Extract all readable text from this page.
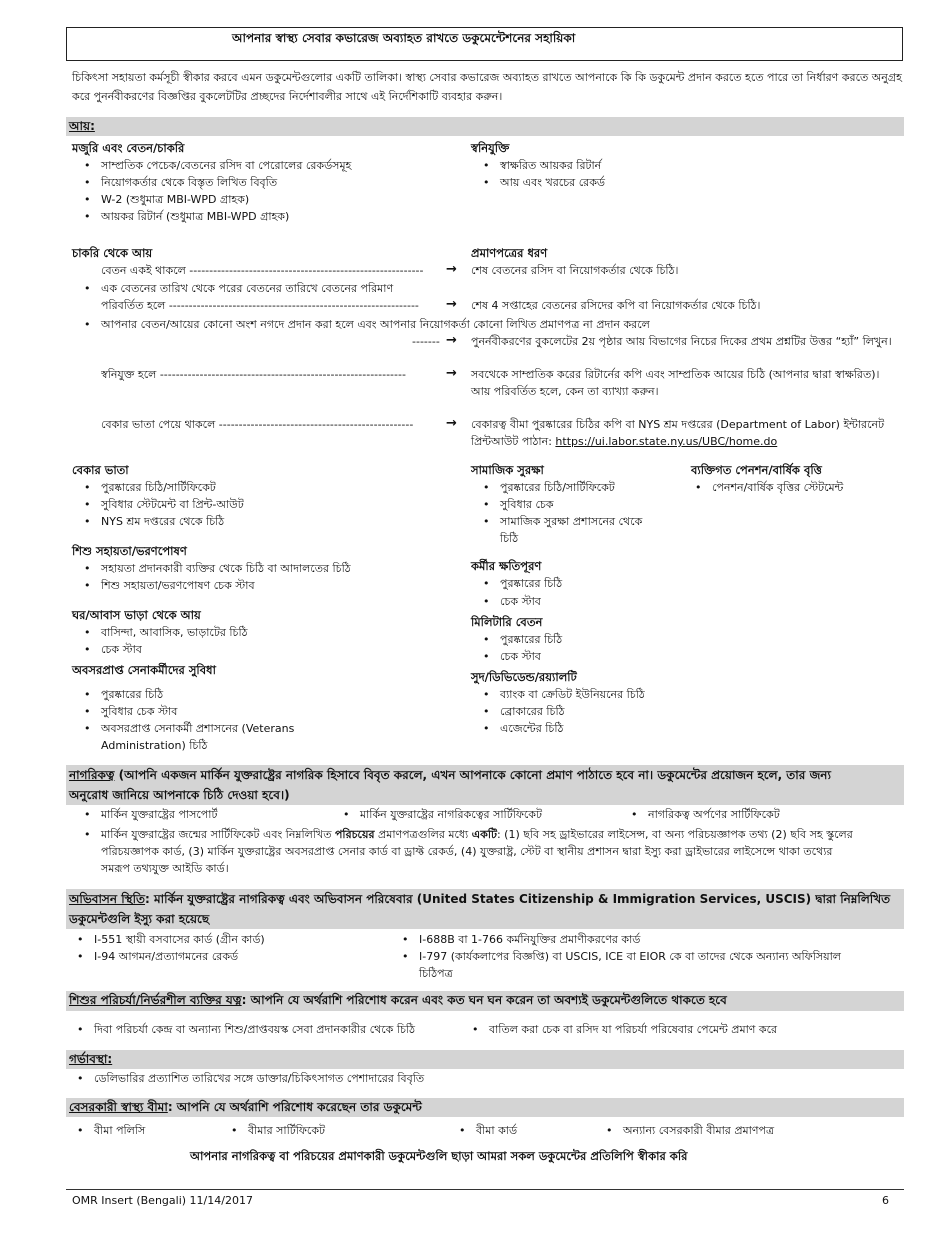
আপনার স্বাস্থ্য সেবার কভারেজ অব্যাহত রাখতে ডকুমেন্টেশনের সহায়িকা
চিকিৎসা সহায়তা কর্মসূচী স্বীকার করবে এমন ডকুমেন্টগুলোর একটি তালিকা। স্বাস্থ্য সেবার কভারেজ অব্যাহত রাখতে আপনাকে কি কি ডকুমেন্ট প্রদান করতে হতে পারে তা নির্ধারণ করতে অনুগ্রহ করে পুনর্নবীকরণের বিজ্ঞপ্তির বুকলেটটির প্রচ্ছদের নির্দেশাবলীর সাথে এই নির্দেশিকাটি ব্যবহার করুন।
আয়:
মজুরি এবং বেতন/চাকরি
• সাম্প্রতিক পেচেক/বেতনের রসিদ বা পেরোলের রেকর্ডসমূহ
• নিয়োগকর্তার থেকে বিস্তৃত লিখিত বিবৃতি
• W-2 (শুধুমাত্র MBI-WPD গ্রাহক)
• আয়কর রিটার্ন (শুধুমাত্র MBI-WPD গ্রাহক)
স্বনিযুক্তি
• স্বাক্ষরিত আয়কর রিটার্ন
• আয় এবং খরচের রেকর্ড
চাকরি থেকে আয়	প্রমাণপত্রের ধরণ
• বেতন একই থাকলে -----------------------------------------------------------	→ শেষ বেতনের রসিদ বা নিয়োগকর্তার থেকে চিঠি।
• এক বেতনের তারিখ থেকে পরের বেতনের তারিখে বেতনের পরিমাণ
পরিবর্তিত হলে ---------------------------------------------------------------	→ শেষ 4 সপ্তাহের বেতনের রসিদের কপি বা নিয়োগকর্তার থেকে চিঠি।
• আপনার বেতন/আয়ের কোনো অংশ নগদে প্রদান করা হলে এবং আপনার নিয়োগকর্তা কোনো লিখিত প্রমাণপত্র না প্রদান করলে
------- → পুনর্নবীকরণের বুকলেটের 2য় পৃষ্ঠার আয় বিভাগের নিচের দিকের প্রথম প্রশ্নটির উত্তর “হ্যাঁ” লিখুন।
• স্বনিযুক্ত হলে --------------------------------------------------------------	→ সবথেকে সাম্প্রতিক করের রিটার্নের কপি এবং সাম্প্রতিক আয়ের চিঠি (আপনার দ্বারা স্বাক্ষরিত)।
আয় পরিবর্তিত হলে, কেন তা ব্যাখ্যা করুন।
• বেকার ভাতা পেয়ে থাকলে -------------------------------------------------	→ বেকারত্ব বীমা পুরষ্কারের চিঠির কপি বা NYS শ্রম দপ্তরের (Department of Labor) ইন্টারনেট
প্রিন্টআউট পাঠান: https://ui.labor.state.ny.us/UBC/home.do
বেকার ভাতা
• পুরষ্কারের চিঠি/সার্টিফিকেট
• সুবিধার স্টেটমেন্ট বা প্রিন্ট-আউট
• NYS শ্রম দপ্তরের থেকে চিঠি
সামাজিক সুরক্ষা
• পুরষ্কারের চিঠি/সার্টিফিকেট
• সুবিধার চেক
• সামাজিক সুরক্ষা প্রশাসনের থেকে
চিঠি
ব্যক্তিগত পেনশন/বার্ষিক বৃত্তি
• পেনশন/বার্ষিক বৃত্তির স্টেটমেন্ট
শিশু সহায়তা/ভরণপোষণ
• সহায়তা প্রদানকারী ব্যক্তির থেকে চিঠি বা আদালতের চিঠি
• শিশু সহায়তা/ভরণপোষণ চেক স্টাব
কর্মীর ক্ষতিপূরণ
• পুরষ্কারের চিঠি
• চেক স্টাব
ঘর/আবাস ভাড়া থেকে আয়
• বাসিন্দা, আবাসিক, ভাড়াটের চিঠি
• চেক স্টাব
মিলিটারি বেতন
• পুরষ্কারের চিঠি
• চেক স্টাব
অবসরপ্রাপ্ত সেনাকর্মীদের সুবিধা
• পুরষ্কারের চিঠি
• সুবিধার চেক স্টাব
• অবসরপ্রাপ্ত সেনাকর্মী প্রশাসনের (Veterans
Administration) চিঠি
সুদ/ডিভিডেন্ড/রয়্যালটি
• ব্যাংক বা ক্রেডিট ইউনিয়নের চিঠি
• ব্রোকারের চিঠি
• এজেন্টের চিঠি
নাগরিকত্ব (আপনি একজন মার্কিন যুক্তরাষ্ট্রের নাগরিক হিসাবে বিবৃত করলে, এখন আপনাকে কোনো প্রমাণ পাঠাতে হবে না। ডকুমেন্টের প্রয়োজন হলে, তার জন্য
অনুরোধ জানিয়ে আপনাকে চিঠি দেওয়া হবে।)
• মার্কিন যুক্তরাষ্ট্রের পাসপোর্ট	• মার্কিন যুক্তরাষ্ট্রের নাগরিকত্বের সার্টিফিকেট	• নাগরিকত্ব অর্পণের সার্টিফিকেট
• মার্কিন যুক্তরাষ্ট্রের জন্মের সার্টিফিকেট এবং নিম্নলিখিত পরিচয়ের প্রমাণপত্রগুলির মধ্যে একটি: (1) ছবি সহ ড্রাইভারের লাইসেন্স, বা অন্য পরিচয়জ্ঞাপক তথ্য (2) ছবি সহ স্কুলের
পরিচয়জ্ঞাপক কার্ড, (3) মার্কিন যুক্তরাষ্ট্রের অবসরপ্রাপ্ত সেনার কার্ড বা ড্রাফ্ট রেকর্ড, (4) যুক্তরাষ্ট্র, স্টেট বা স্থানীয় প্রশাসন দ্বারা ইস্যু করা ড্রাইভারের লাইসেন্সে থাকা তথ্যের
সমরূপ তথ্যযুক্ত আইডি কার্ড।
অভিবাসন স্থিতি: মার্কিন যুক্তরাষ্ট্রের নাগরিকত্ব এবং অভিবাসন পরিষেবার (United States Citizenship & Immigration Services, USCIS) দ্বারা নিম্নলিখিত
ডকুমেন্টগুলি ইস্যু করা হয়েছে
• I-551 স্থায়ী বসবাসের কার্ড (গ্রীন কার্ড)
• I-94 আগমন/প্রত্যাগমনের রেকর্ড
• I-688B বা 1-766 কর্মনিযুক্তির প্রমাণীকরণের কার্ড
• I-797 (কার্যকলাপের বিজ্ঞপ্তি) বা USCIS, ICE বা EIOR কে বা তাদের থেকে অন্যান্য অফিসিয়াল
চিঠিপত্র
শিশুর পরিচর্যা/নির্ভরশীল ব্যক্তির যত্ন: আপনি যে অর্থরাশি পরিশোধ করেন এবং কত ঘন ঘন করেন তা অবশ্যই ডকুমেন্টগুলিতে থাকতে হবে
• দিবা পরিচর্যা কেন্দ্র বা অন্যান্য শিশু/প্রাপ্তবয়স্ক সেবা প্রদানকারীর থেকে চিঠি	• বাতিল করা চেক বা রসিদ যা পরিচর্যা পরিষেবার পেমেন্ট প্রমাণ করে
গর্ভাবস্থা:
• ডেলিভারির প্রত্যাশিত তারিখের সঙ্গে ডাক্তার/চিকিৎসাগত পেশাদারের বিবৃতি
বেসরকারী স্বাস্থ্য বীমা: আপনি যে অর্থরাশি পরিশোধ করেছেন তার ডকুমেন্ট
• বীমা পলিসি	• বীমার সার্টিফিকেট	• বীমা কার্ড	• অন্যান্য বেসরকারী বীমার প্রমাণপত্র
আপনার নাগরিকত্ব বা পরিচয়ের প্রমাণকারী ডকুমেন্টগুলি ছাড়া আমরা সকল ডকুমেন্টের প্রতিলিপি স্বীকার করি
OMR Insert (Bengali) 11/14/2017	6
